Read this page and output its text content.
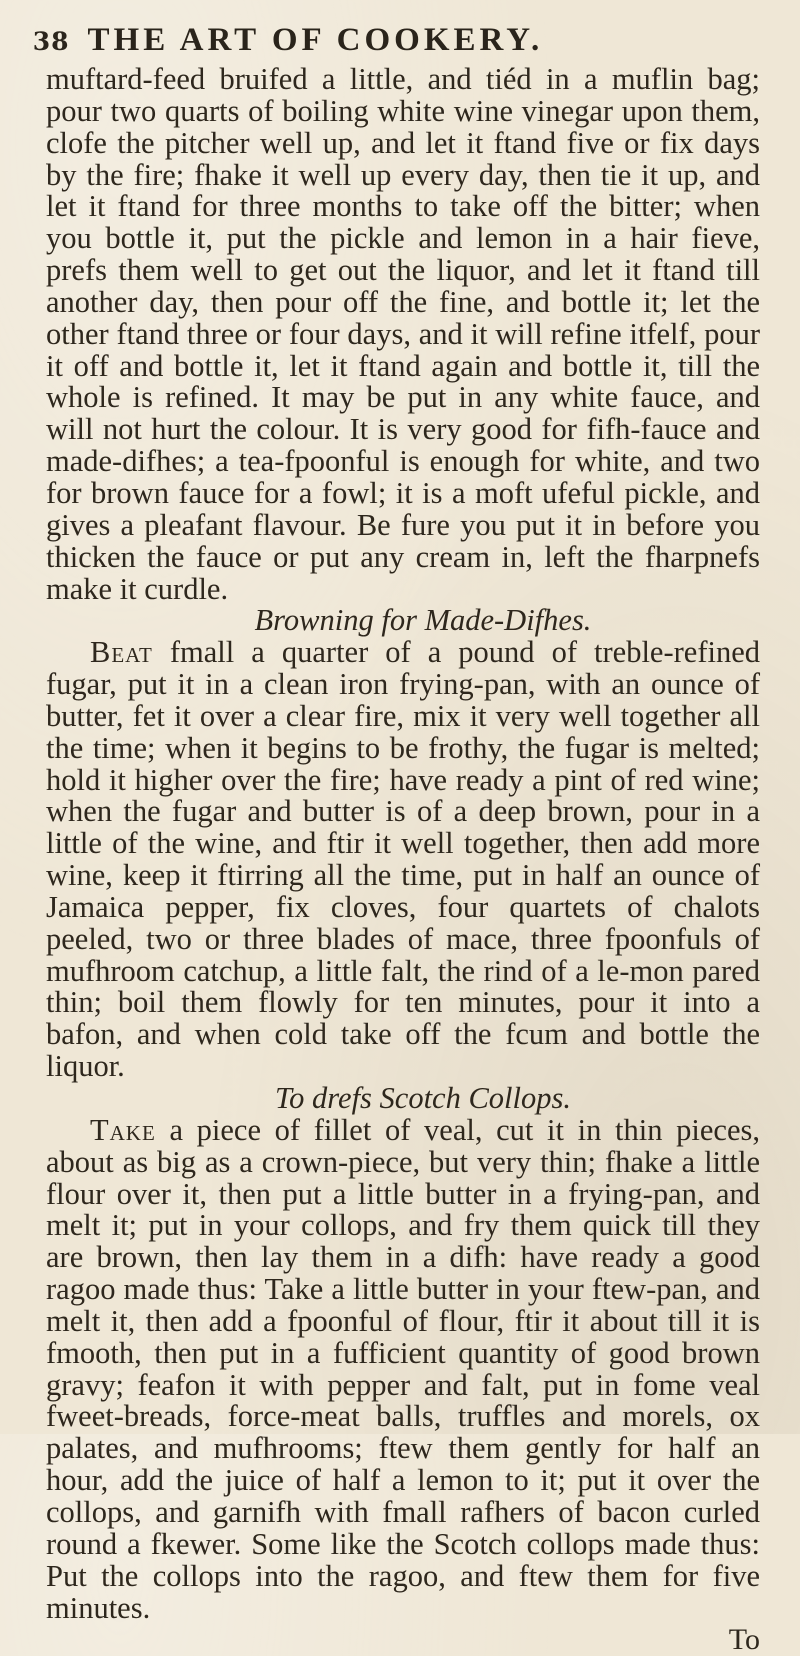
38 THE ART OF COOKERY.

muftard-feed bruifed a little, and tiéd in a muflin bag; pour two quarts of boiling white wine vinegar upon them, clofe the pitcher well up, and let it ftand five or fix days by the fire; fhake it well up every day, then tie it up, and let it ftand for three months to take off the bitter; when you bottle it, put the pickle and lemon in a hair fieve, prefs them well to get out the liquor, and let it ftand till another day, then pour off the fine, and bottle it; let the other ftand three or four days, and it will refine itfelf, pour it off and bottle it, let it ftand again and bottle it, till the whole is refined. It may be put in any white fauce, and will not hurt the colour. It is very good for fifh-fauce and made-difhes; a tea-fpoonful is enough for white, and two for brown fauce for a fowl; it is a moft ufeful pickle, and gives a pleafant flavour. Be fure you put it in before you thicken the fauce or put any cream in, left the fharpnefs make it curdle.

Browning for Made-Difhes.

Beat fmall a quarter of a pound of treble-refined fugar, put it in a clean iron frying-pan, with an ounce of butter, fet it over a clear fire, mix it very well together all the time; when it begins to be frothy, the fugar is melted; hold it higher over the fire; have ready a pint of red wine; when the fugar and butter is of a deep brown, pour in a little of the wine, and ftir it well together, then add more wine, keep it ftirring all the time, put in half an ounce of Jamaica pepper, fix cloves, four quartets of chalots peeled, two or three blades of mace, three fpoonfuls of mufhroom catchup, a little falt, the rind of a le-mon pared thin; boil them flowly for ten minutes, pour it into a bafon, and when cold take off the fcum and bottle the liquor.

To drefs Scotch Collops.

Take a piece of fillet of veal, cut it in thin pieces, about as big as a crown-piece, but very thin; fhake a little flour over it, then put a little butter in a frying-pan, and melt it; put in your collops, and fry them quick till they are brown, then lay them in a difh: have ready a good ragoo made thus: Take a little butter in your ftew-pan, and melt it, then add a fpoonful of flour, ftir it about till it is fmooth, then put in a fufficient quantity of good brown gravy; feafon it with pepper and falt, put in fome veal fweet-breads, force-meat balls, truffles and morels, ox palates, and mufhrooms; ftew them gently for half an hour, add the juice of half a lemon to it; put it over the collops, and garnifh with fmall rafhers of bacon curled round a fkewer. Some like the Scotch collops made thus: Put the collops into the ragoo, and ftew them for five minutes.

To
